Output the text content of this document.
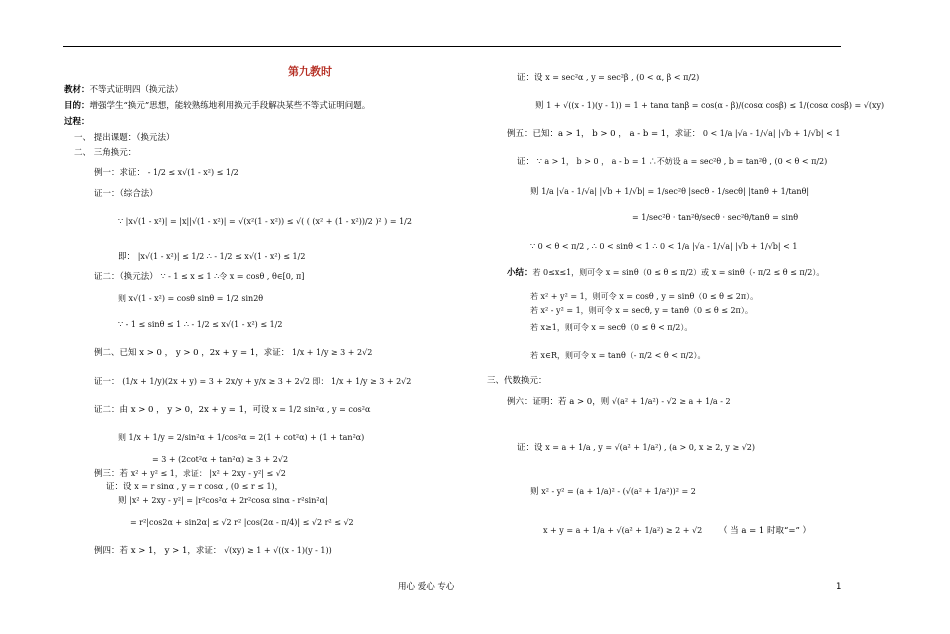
第九教时
教材：不等式证明四（换元法）
目的：增强学生“换元”思想，能较熟练地利用换元手段解决某些不等式证明问题。
过程：
一、 提出课题：（换元法）
二、 三角换元：
例一：求证： - 1/2 ≤ x√(1 - x²) ≤ 1/2
证一：（综合法）
∵ |x√(1 - x²)| = |x||√(1 - x²)| = √(x²(1 - x²)) ≤ √( ( (x² + (1 - x²))/2 )² ) = 1/2
即： |x√(1 - x²)| ≤ 1/2 ∴ - 1/2 ≤ x√(1 - x²) ≤ 1/2
证二：（换元法） ∵ - 1 ≤ x ≤ 1 ∴令 x = cosθ , θ∈[0, π]
则 x√(1 - x²) = cosθ sinθ = 1/2 sin2θ
∵ - 1 ≤ sinθ ≤ 1 ∴ - 1/2 ≤ x√(1 - x²) ≤ 1/2
例二、已知 x > 0 ， y > 0 ，2x + y = 1，求证： 1/x + 1/y ≥ 3 + 2√2
证一： (1/x + 1/y)(2x + y) = 3 + 2x/y + y/x ≥ 3 + 2√2 即： 1/x + 1/y ≥ 3 + 2√2
证二：由 x > 0 ， y > 0，2x + y = 1，可设 x = 1/2 sin²α , y = cos²α
则 1/x + 1/y = 2/sin²α + 1/cos²α = 2(1 + cot²α) + (1 + tan²α)
= 3 + (2cot²α + tan²α) ≥ 3 + 2√2
例三：若 x² + y² ≤ 1，求证： |x² + 2xy - y²| ≤ √2
证：设 x = r sinα , y = r cosα , (0 ≤ r ≤ 1)，
则 |x² + 2xy - y²| = |r²cos²α + 2r²cosα sinα - r²sin²α|
= r²|cos2α + sin2α| ≤ √2 r² |cos(2α - π/4)| ≤ √2 r² ≤ √2
例四：若 x > 1， y > 1，求证： √(xy) ≥ 1 + √((x - 1)(y - 1))
证：设 x = sec²α , y = sec²β , (0 < α, β < π/2)
则 1 + √((x - 1)(y - 1)) = 1 + tanα tanβ = cos(α - β)/(cosα cosβ) ≤ 1/(cosα cosβ) = √(xy)
例五：已知：a > 1， b > 0 ， a - b = 1，求证： 0 < 1/a |√a - 1/√a| |√b + 1/√b| < 1
证： ∵ a > 1， b > 0 ， a - b = 1 ∴不妨设 a = sec²θ , b = tan²θ , (0 < θ < π/2)
则 1/a |√a - 1/√a| |√b + 1/√b| = 1/sec²θ |secθ - 1/secθ| |tanθ + 1/tanθ|
= 1/sec²θ · tan²θ/secθ · sec²θ/tanθ = sinθ
∵ 0 < θ < π/2 , ∴ 0 < sinθ < 1 ∴ 0 < 1/a |√a - 1/√a| |√b + 1/√b| < 1
小结：若 0≤x≤1，则可令 x = sinθ（0 ≤ θ ≤ π/2）或 x = sinθ（- π/2 ≤ θ ≤ π/2）。
若 x² + y² = 1，则可令 x = cosθ , y = sinθ（0 ≤ θ ≤ 2π）。
若 x² - y² = 1，则可令 x = secθ, y = tanθ（0 ≤ θ ≤ 2π）。
若 x≥1，则可令 x = secθ（0 ≤ θ < π/2）。
若 x∈R，则可令 x = tanθ（- π/2 < θ < π/2）。
三、代数换元：
例六：证明：若 a > 0，则 √(a² + 1/a²) - √2 ≥ a + 1/a - 2
证：设 x = a + 1/a , y = √(a² + 1/a²) , (a > 0, x ≥ 2, y ≥ √2)
则 x² - y² = (a + 1/a)² - (√(a² + 1/a²))² = 2
x + y = a + 1/a + √(a² + 1/a²) ≥ 2 + √2 （ 当 a = 1 时取“=” ）
用心 爱心 专心	1
